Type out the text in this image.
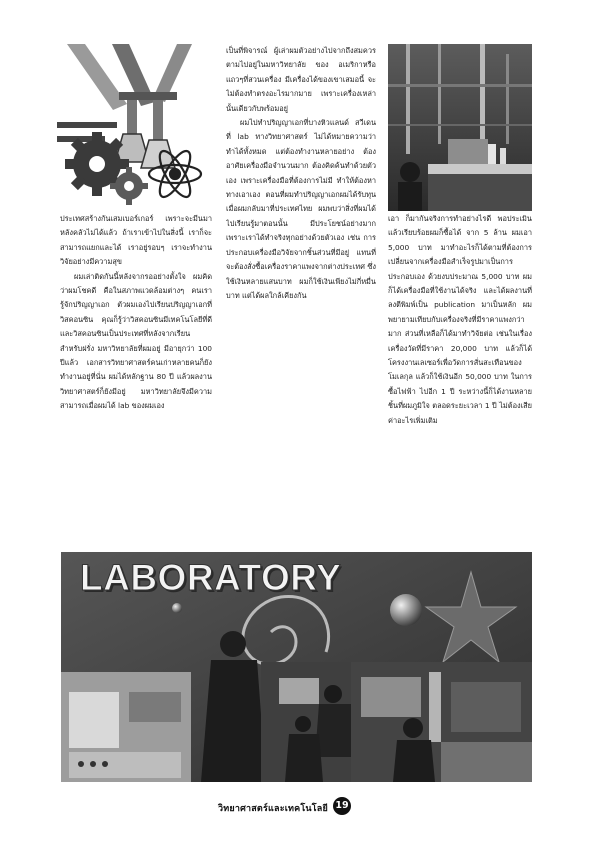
ประเทศสร้างกันเสมเบอร์เกอร์ เพราะจะมีนมาหลังคลัวไม่ได้แล้ว ถ้าเราเข้าไปในสิ่งนี้ เราก็จะสามารถแยกและได้ เราอยู่รอบๆ เราจะทำงานวิจัยอย่างมีความสุข

ผมเล่าติดกันนี้หลังจากรออย่างตั้งใจ ผมคิดว่าผมโชคดี คือในสภาพแวดล้อมต่างๆ คนเรารู้จักปริญญาเอก ตัวผมเองไปเรียนปริญญาเอกที่วิสคอนซิน คุณก็รู้ว่าวิสคอนซินมีเทคโนโลยีที่ดี และวิสคอนซินเป็นประเทศที่หลังจากเรียน สำหรับฝรั่ง มหาวิทยาลัยที่ผมอยู่ มีอายุกว่า 100 ปีแล้ว เอกสารวิทยาศาสตร์คนเก่าหลายคนก็ยังทำงานอยู่ที่นั่น ผมได้หลักฐาน 80 ปี แล้วผลงานวิทยาศาสตร์ก็ยังมีอยู่ มหาวิทยาลัยจึงมีความสามารถเมื่อผมได้ lab ของผมเอง

เป็นที่พิจารณ์ ผู้เล่าผมตัวอย่างไปจากถึงสมควรตามไปอยู่ในมหาวิทยาลัย ของ อเมริกาหรือแถวๆที่สวนเครื่อง มีเครื่องได้ของเขาเสมอนี้ จะไม่ต้องทำตรงอะไรมากมาย เพราะเครื่องเหล่านั้นเดียวกับพร้อมอยู่

ผมไปทำปริญญาเอกที่บางหิวแลนด์ สวีเดนที่ lab ทางวิทยาศาสตร์ ไม่ได้หมายความว่าทำได้ทั้งหมด แต่ต้องทำงานหลายอย่าง ต้องอาศัยเครื่องมือจำนวนมาก ต้องคิดค้นทำด้วยตัวเอง เพราะเครื่องมือที่ต้องการไม่มี ทำให้ต้องหาทางเอาเอง ตอนที่ผมทำปริญญาเอกผมได้รับทุน เมื่อผมกลับมาที่ประเทศไทย ผมพบว่าสิ่งที่ผมได้ไปเรียนรู้มาตอนนั้น มีประโยชน์อย่างมาก เพราะเราได้ทำจริงทุกอย่างด้วยตัวเอง เช่น การประกอบเครื่องมือวิจัยจากชิ้นส่วนที่มีอยู่ แทนที่จะต้องสั่งซื้อเครื่องราคาแพงจากต่างประเทศ ซึ่งใช้เงินหลายแสนบาท ผมก็ใช้เงินเพียงไม่กี่หมื่นบาท แต่ได้ผลใกล้เคียงกัน

เอา ก็มากันจริงการทำอย่างไรดี พอประเมินแล้วเรียบร้อยผมก็ซื้อได้ จาก 5 ล้าน ผมเอา 5,000 บาท มาทำอะไรก็ได้ตามที่ต้องการ เปลี่ยนจากเครื่องมือสำเร็จรูปมาเป็นการประกอบเอง ด้วยงบประมาณ 5,000 บาท ผมก็ได้เครื่องมือที่ใช้งานได้จริง และได้ผลงานที่ลงตีพิมพ์เป็น publication มาเป็นหลัก ผมพยายามเทียบกับเครื่องจริงที่มีราคาแพงกว่ามาก ส่วนที่เหลือก็ได้มาทำวิจัยต่อ เช่นในเรื่องเครื่องวัดที่มีราคา 20,000 บาท แล้วก็ได้โครงงานเลเซอร์เพื่อวัดการสั่นสะเทือนของโมเลกุล แล้วก็ใช้เงินอีก 50,000 บาท ในการซื้อไฟฟ้า ไปอีก 1 ปี ระหว่างนี้ก็ได้งานหลายชิ้นที่ผมภูมิใจ ตลอดระยะเวลา 1 ปี ไม่ต้องเสียค่าอะไรเพิ่มเติม

LABORATORY
วิทยาศาสตร์และเทคโนโลยี 19
